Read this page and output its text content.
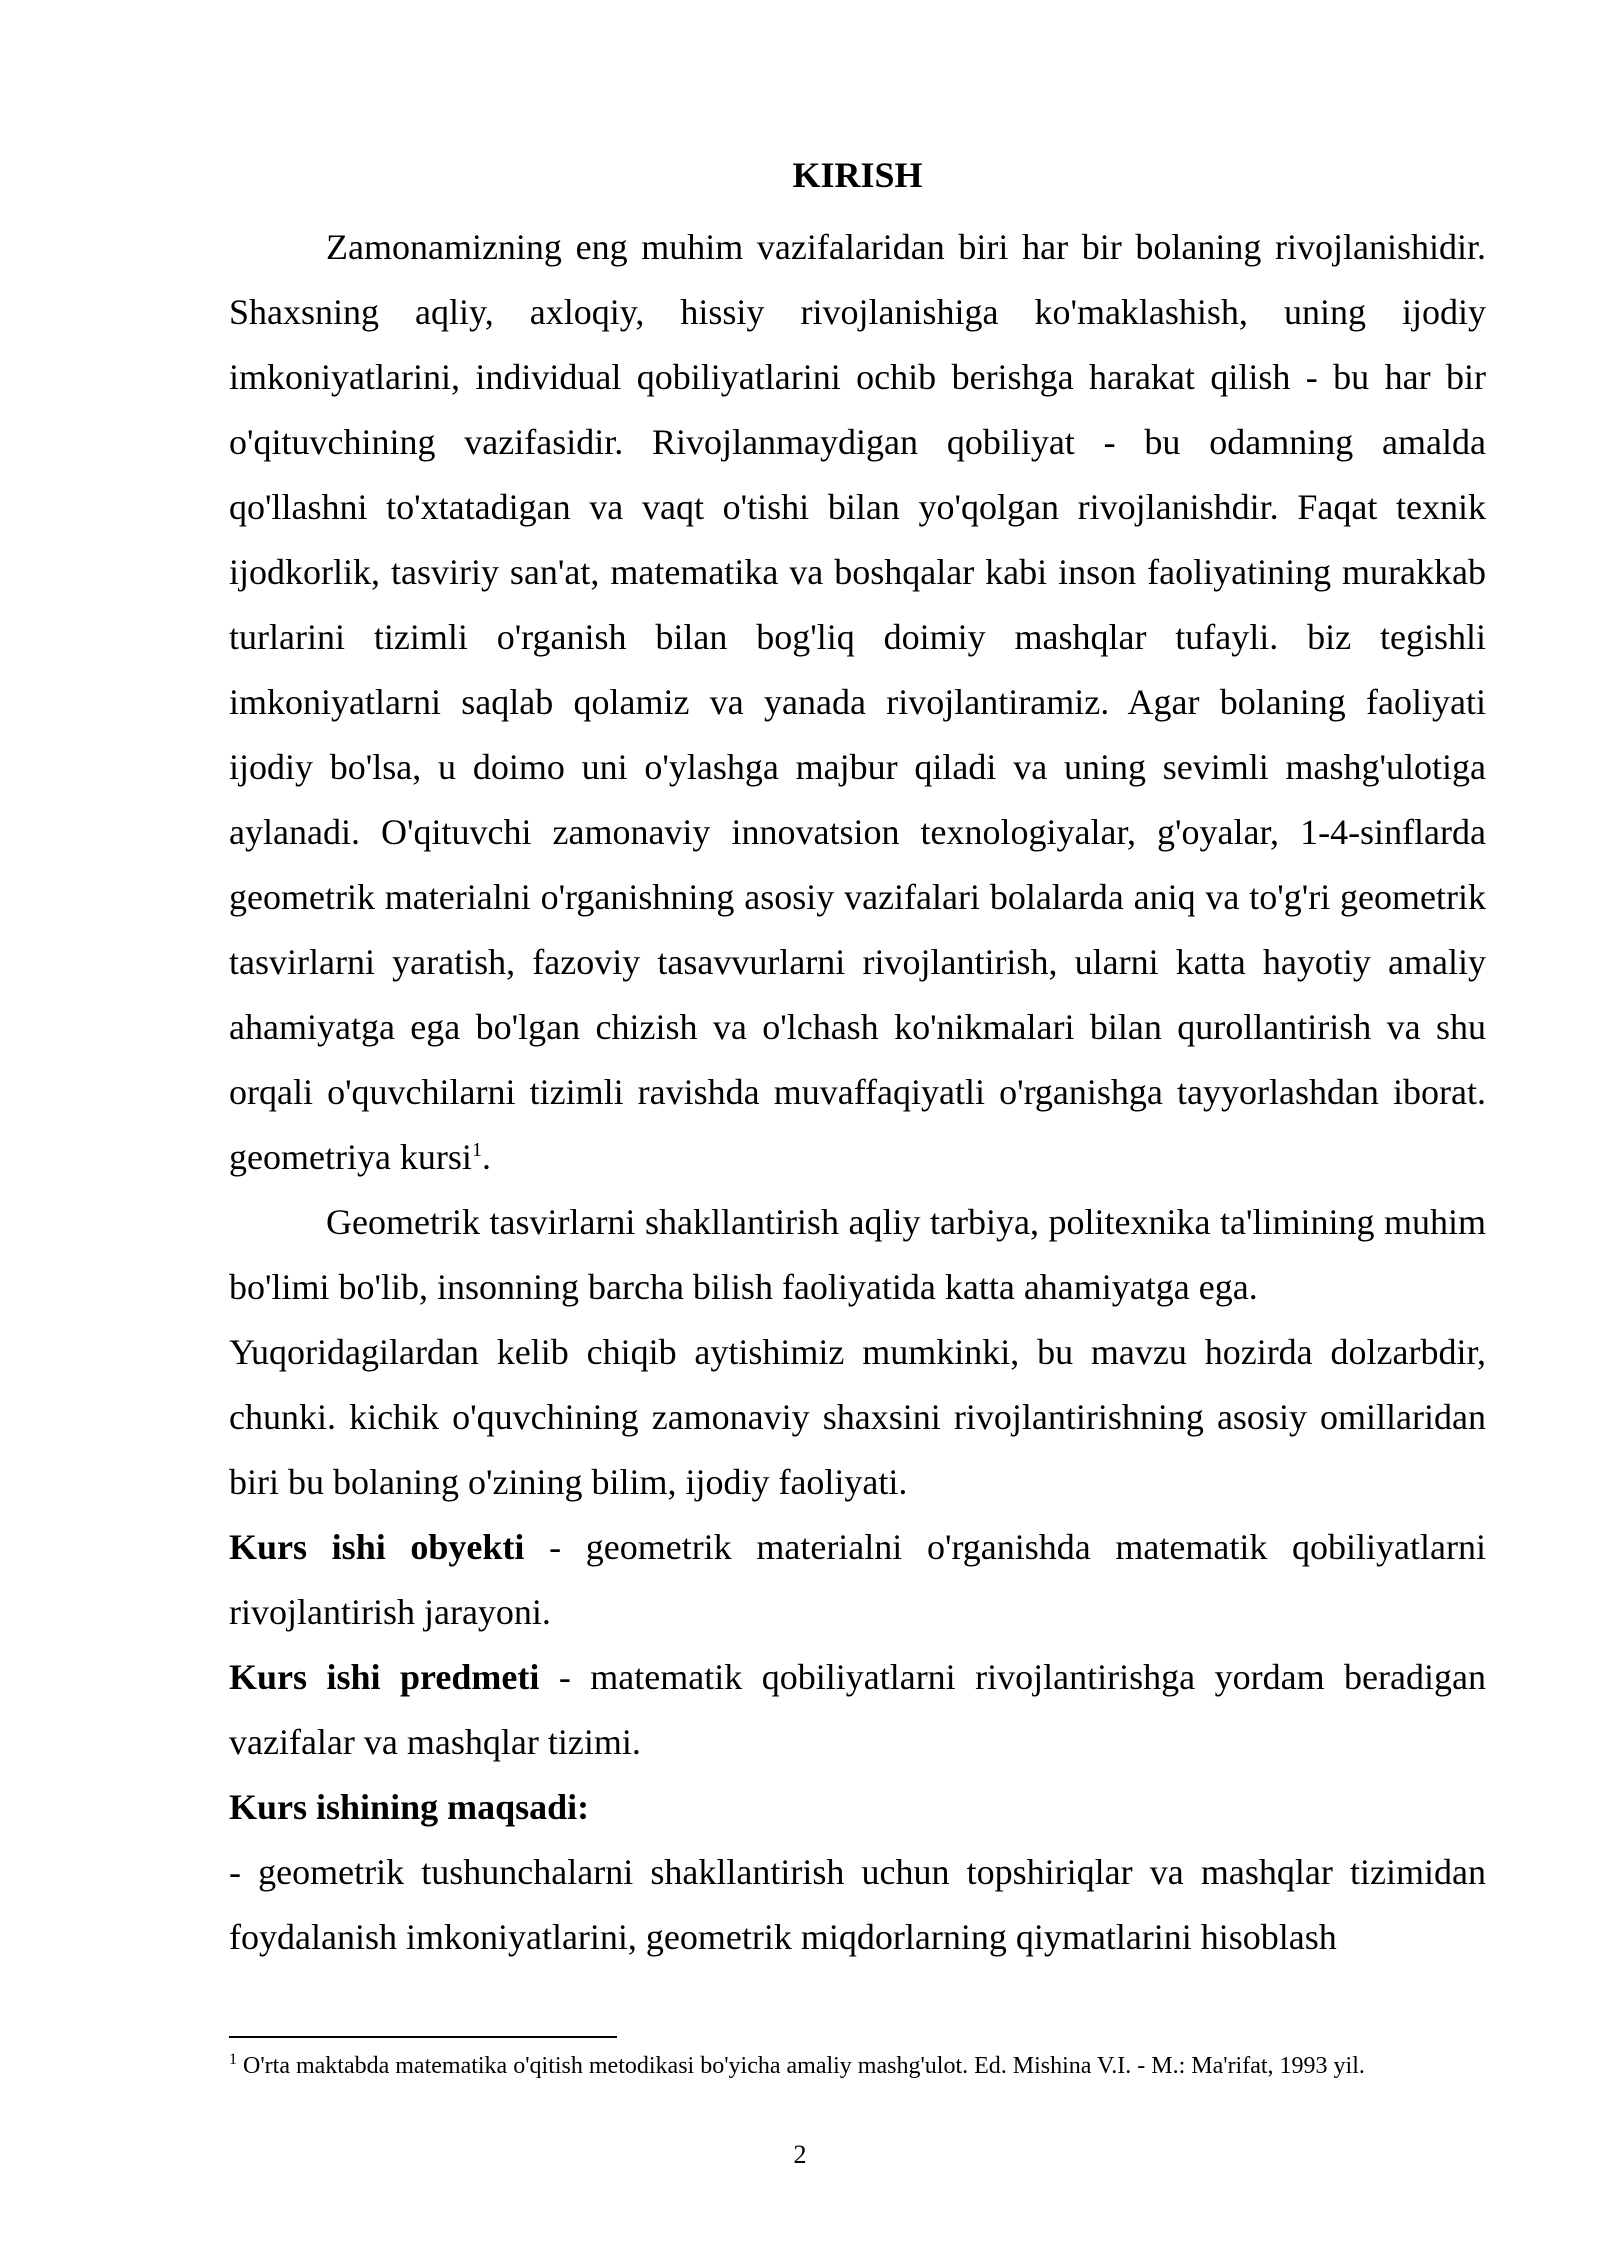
KIRISH

Zamonamizning eng muhim vazifalaridan biri har bir bolaning rivojlanishidir. Shaxsning aqliy, axloqiy, hissiy rivojlanishiga ko'maklashish, uning ijodiy imkoniyatlarini, individual qobiliyatlarini ochib berishga harakat qilish - bu har bir o'qituvchining vazifasidir. Rivojlanmaydigan qobiliyat - bu odamning amalda qo'llashni to'xtatadigan va vaqt o'tishi bilan yo'qolgan rivojlanishdir. Faqat texnik ijodkorlik, tasviriy san'at, matematika va boshqalar kabi inson faoliyatining murakkab turlarini tizimli o'rganish bilan bog'liq doimiy mashqlar tufayli. biz tegishli imkoniyatlarni saqlab qolamiz va yanada rivojlantiramiz. Agar bolaning faoliyati ijodiy bo'lsa, u doimo uni o'ylashga majbur qiladi va uning sevimli mashg'ulotiga aylanadi. O'qituvchi zamonaviy innovatsion texnologiyalar, g'oyalar, 1-4-sinflarda geometrik materialni o'rganishning asosiy vazifalari bolalarda aniq va to'g'ri geometrik tasvirlarni yaratish, fazoviy tasavvurlarni rivojlantirish, ularni katta hayotiy amaliy ahamiyatga ega bo'lgan chizish va o'lchash ko'nikmalari bilan qurollantirish va shu orqali o'quvchilarni tizimli ravishda muvaffaqiyatli o'rganishga tayyorlashdan iborat. geometriya kursi$^1$.

Geometrik tasvirlarni shakllantirish aqliy tarbiya, politexnika ta'limining muhim bo'limi bo'lib, insonning barcha bilish faoliyatida katta ahamiyatga ega.

Yuqoridagilardan kelib chiqib aytishimiz mumkinki, bu mavzu hozirda dolzarbdir, chunki. kichik o'quvchining zamonaviy shaxsini rivojlantirishning asosiy omillaridan biri bu bolaning o'zining bilim, ijodiy faoliyati.

Kurs ishi obyekti - geometrik materialni o'rganishda matematik qobiliyatlarni rivojlantirish jarayoni.

Kurs ishi predmeti - matematik qobiliyatlarni rivojlantirishga yordam beradigan vazifalar va mashqlar tizimi.

Kurs ishining maqsadi:

- geometrik tushunchalarni shakllantirish uchun topshiriqlar va mashqlar tizimidan foydalanish imkoniyatlarini, geometrik miqdorlarning qiymatlarini hisoblash

$^1$ O'rta maktabda matematika o'qitish metodikasi bo'yicha amaliy mashg'ulot. Ed. Mishina V.I. - M.: Ma'rifat, 1993 yil.

2
